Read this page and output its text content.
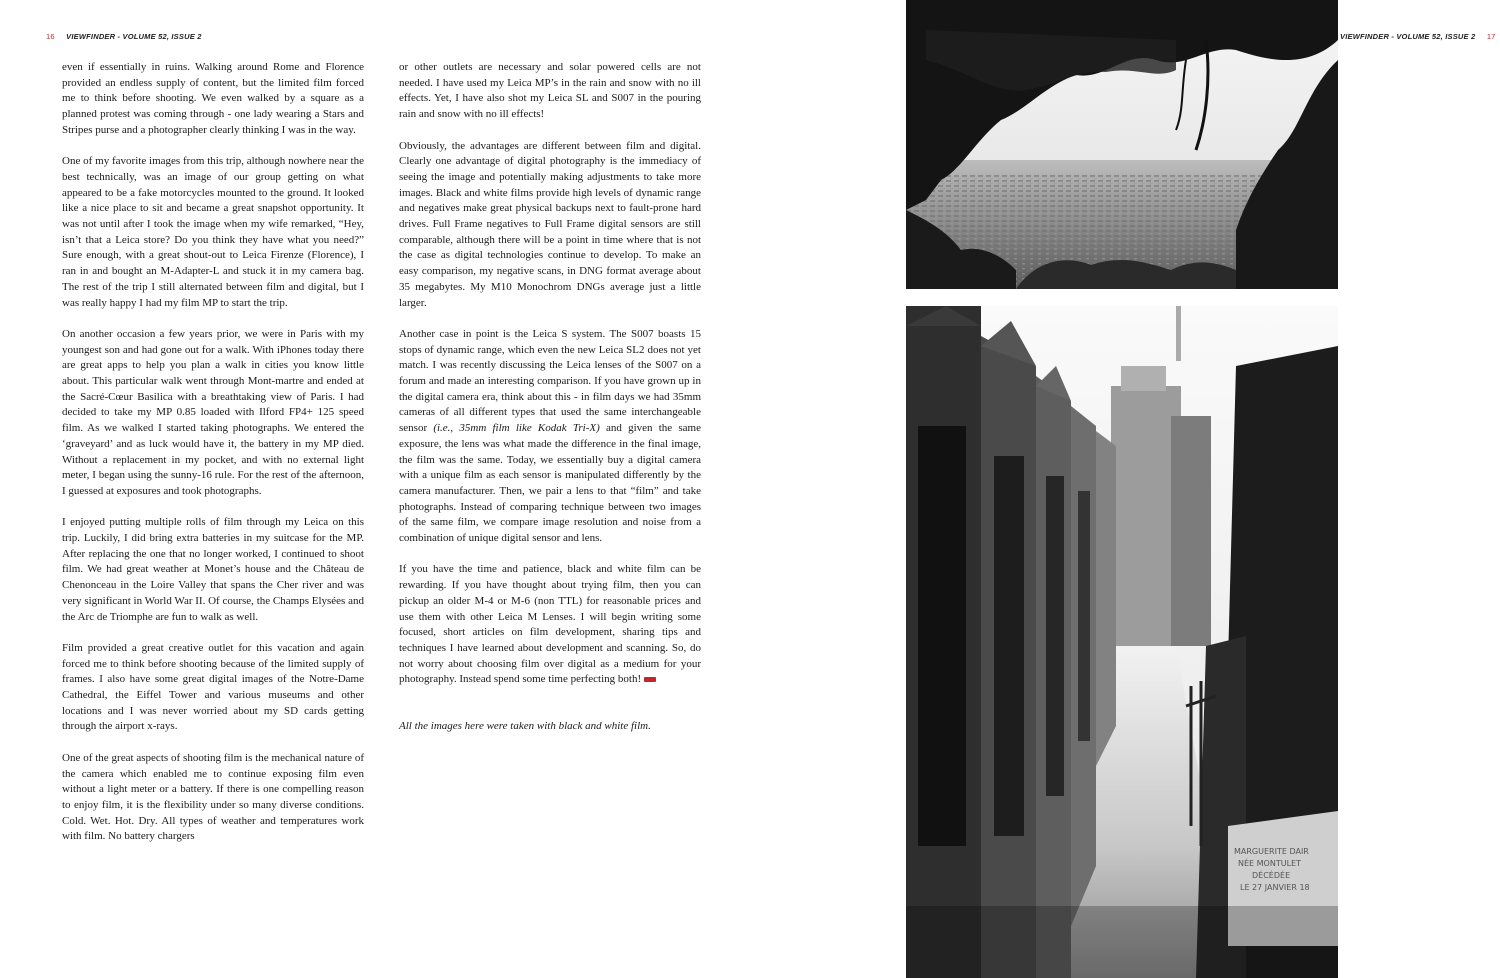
16 VIEWFINDER - VOLUME 52, ISSUE 2	VIEWFINDER - VOLUME 52, ISSUE 2 17

even if essentially in ruins. Walking around Rome and Florence provided an endless supply of content, but the limited film forced me to think before shooting. We even walked by a square as a planned protest was coming through - one lady wearing a Stars and Stripes purse and a photographer clearly thinking I was in the way.

One of my favorite images from this trip, although nowhere near the best technically, was an image of our group getting on what appeared to be a fake motorcycles mounted to the ground. It looked like a nice place to sit and became a great snapshot opportunity. It was not until after I took the image when my wife remarked, “Hey, isn’t that a Leica store? Do you think they have what you need?” Sure enough, with a great shout-out to Leica Firenze (Florence), I ran in and bought an M-Adapter-L and stuck it in my camera bag. The rest of the trip I still alternated between film and digital, but I was really happy I had my film MP to start the trip.

On another occasion a few years prior, we were in Paris with my youngest son and had gone out for a walk. With iPhones today there are great apps to help you plan a walk in cities you know little about. This particular walk went through Mont-martre and ended at the Sacré-Cœur Basilica with a breathtaking view of Paris. I had decided to take my MP 0.85 loaded with Ilford FP4+ 125 speed film. As we walked I started taking photographs. We entered the ‘graveyard’ and as luck would have it, the battery in my MP died. Without a replacement in my pocket, and with no external light meter, I began using the sunny-16 rule. For the rest of the afternoon, I guessed at exposures and took photographs.

I enjoyed putting multiple rolls of film through my Leica on this trip. Luckily, I did bring extra batteries in my suitcase for the MP. After replacing the one that no longer worked, I continued to shoot film. We had great weather at Monet’s house and the Château de Chenonceau in the Loire Valley that spans the Cher river and was very significant in World War II. Of course, the Champs Elysées and the Arc de Triomphe are fun to walk as well.

Film provided a great creative outlet for this vacation and again forced me to think before shooting because of the limited supply of frames. I also have some great digital images of the Notre-Dame Cathedral, the Eiffel Tower and various museums and other locations and I was never worried about my SD cards getting through the airport x-rays.

One of the great aspects of shooting film is the mechanical nature of the camera which enabled me to continue exposing film even without a light meter or a battery. If there is one compelling reason to enjoy film, it is the flexibility under so many diverse conditions. Cold. Wet. Hot. Dry. All types of weather and temperatures work with film. No battery chargers

or other outlets are necessary and solar powered cells are not needed. I have used my Leica MP’s in the rain and snow with no ill effects. Yet, I have also shot my Leica SL and S007 in the pouring rain and snow with no ill effects!

Obviously, the advantages are different between film and digital. Clearly one advantage of digital photography is the immediacy of seeing the image and potentially making adjustments to take more images. Black and white films provide high levels of dynamic range and negatives make great physical backups next to fault-prone hard drives. Full Frame negatives to Full Frame digital sensors are still comparable, although there will be a point in time where that is not the case as digital technologies continue to develop. To make an easy comparison, my negative scans, in DNG format average about 35 megabytes. My M10 Monochrom DNGs average just a little larger.

Another case in point is the Leica S system. The S007 boasts 15 stops of dynamic range, which even the new Leica SL2 does not yet match. I was recently discussing the Leica lenses of the S007 on a forum and made an interesting comparison. If you have grown up in the digital camera era, think about this - in film days we had 35mm cameras of all different types that used the same interchangeable sensor (i.e., 35mm film like Kodak Tri-X) and given the same exposure, the lens was what made the difference in the final image, the film was the same. Today, we essentially buy a digital camera with a unique film as each sensor is manipulated differently by the camera manufacturer. Then, we pair a lens to that “film” and take photographs. Instead of comparing technique between two images of the same film, we compare image resolution and noise from a combination of unique digital sensor and lens.

If you have the time and patience, black and white film can be rewarding. If you have thought about trying film, then you can pickup an older M-4 or M-6 (non TTL) for reasonable prices and use them with other Leica M Lenses. I will begin writing some focused, short articles on film development, sharing tips and techniques I have learned about development and scanning. So, do not worry about choosing film over digital as a medium for your photography. Instead spend some time perfecting both!

All the images here were taken with black and white film.

MARGUERITE DAIR
NÉE MONTULET
DÉCÉDÉE
LE 27 JANVIER 18
